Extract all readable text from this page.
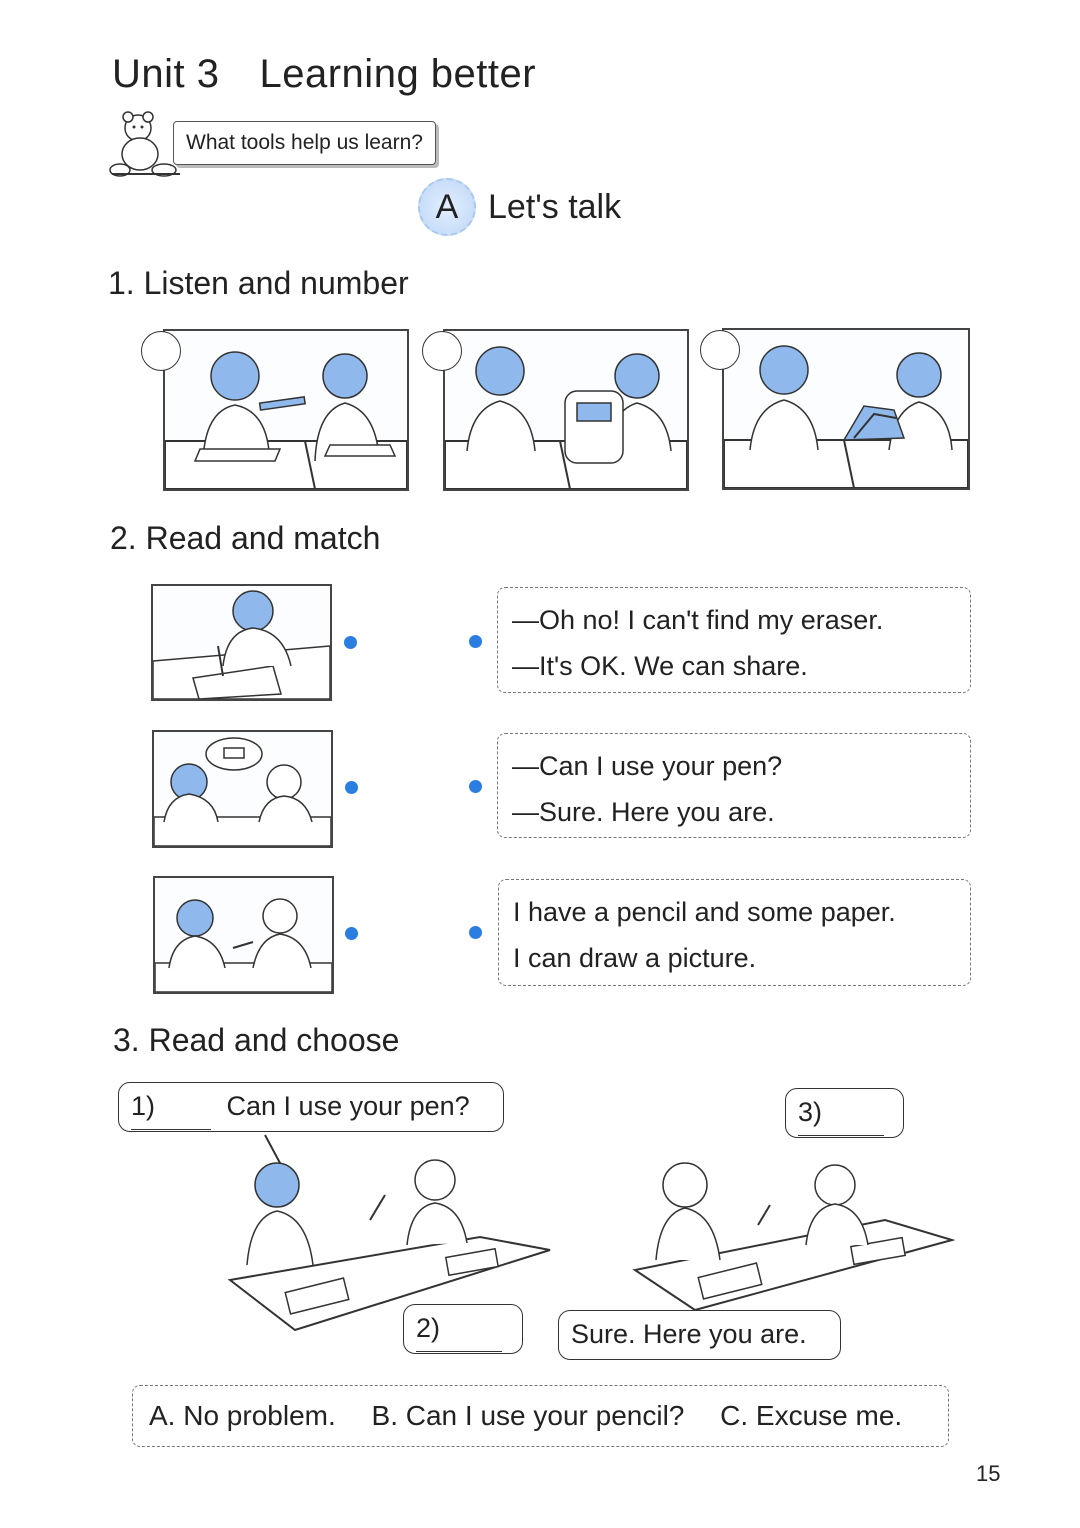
Unit 3 Learning better
What tools help us learn?
A Let's talk
1. Listen and number
2. Read and match
—Oh no! I can't find my eraser.
—It's OK. We can share.
—Can I use your pen?
—Sure. Here you are.
I have a pencil and some paper.
I can draw a picture.
3. Read and choose
1)	Can I use your pen?
2)
3)
Sure. Here you are.
A. No problem. B. Can I use your pencil? C. Excuse me.
15
